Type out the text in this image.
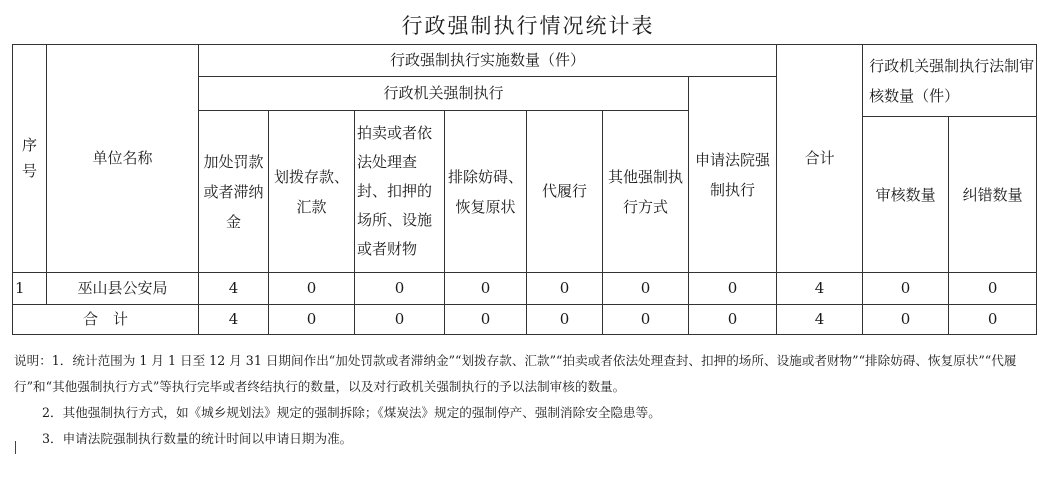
行政强制执行情况统计表
序号	单位名称	行政强制执行实施数量（件）							合计	行政机关强制执行法制审核数量（件）	
		行政机关强制执行						申请法院强制执行			
		加处罚款或者滞纳金	划拨存款、汇款	拍卖或者依法处理查封、扣押的场所、设施或者财物	排除妨碍、恢复原状	代履行	其他强制执行方式				
										审核数量	纠错数量
1	巫山县公安局	4	0	0	0	0	0	0	4	0	0
合　计		4	0	0	0	0	0	0	4	0	0

说明：1．统计范围为 1 月 1 日至 12 月 31 日期间作出“加处罚款或者滞纳金”“划拨存款、汇款”“拍卖或者依法处理查封、扣押的场所、设施或者财物”“排除妨碍、恢复原状”“代履行”和“其他强制执行方式”等执行完毕或者终结执行的数量，以及对行政机关强制执行的予以法制审核的数量。

2．其他强制执行方式，如《城乡规划法》规定的强制拆除；《煤炭法》规定的强制停产、强制消除安全隐患等。

3．申请法院强制执行数量的统计时间以申请日期为准。
